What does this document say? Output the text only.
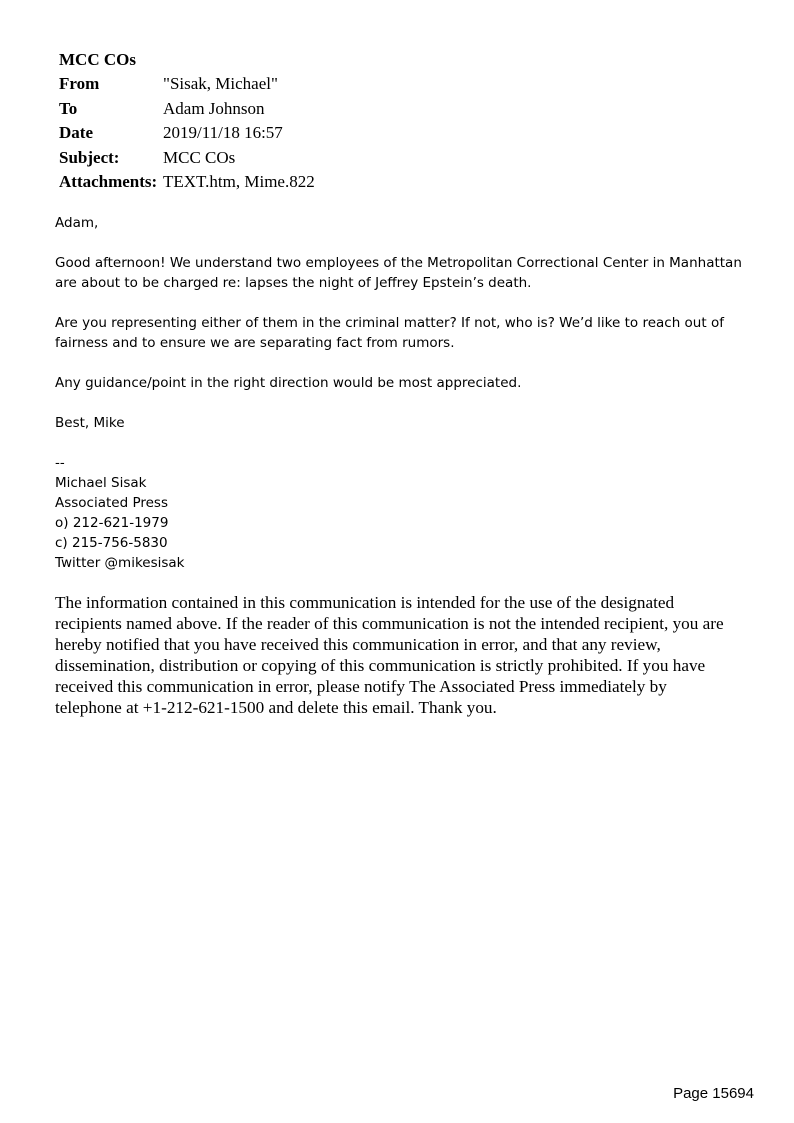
MCC COs
From	"Sisak, Michael"
To	Adam Johnson
Date	2019/11/18 16:57
Subject:	MCC COs
Attachments: TEXT.htm, Mime.822

Adam,

Good afternoon! We understand two employees of the Metropolitan Correctional Center in Manhattan are about to be charged re: lapses the night of Jeffrey Epstein’s death.

Are you representing either of them in the criminal matter? If not, who is? We’d like to reach out of fairness and to ensure we are separating fact from rumors.

Any guidance/point in the right direction would be most appreciated.

Best, Mike

--
Michael Sisak
Associated Press
o) 212-621-1979
c) 215-756-5830
Twitter @mikesisak
The information contained in this communication is intended for the use of the designated recipients named above. If the reader of this communication is not the intended recipient, you are hereby notified that you have received this communication in error, and that any review, dissemination, distribution or copying of this communication is strictly prohibited. If you have received this communication in error, please notify The Associated Press immediately by telephone at +1-212-621-1500 and delete this email. Thank you.
Page 15694
